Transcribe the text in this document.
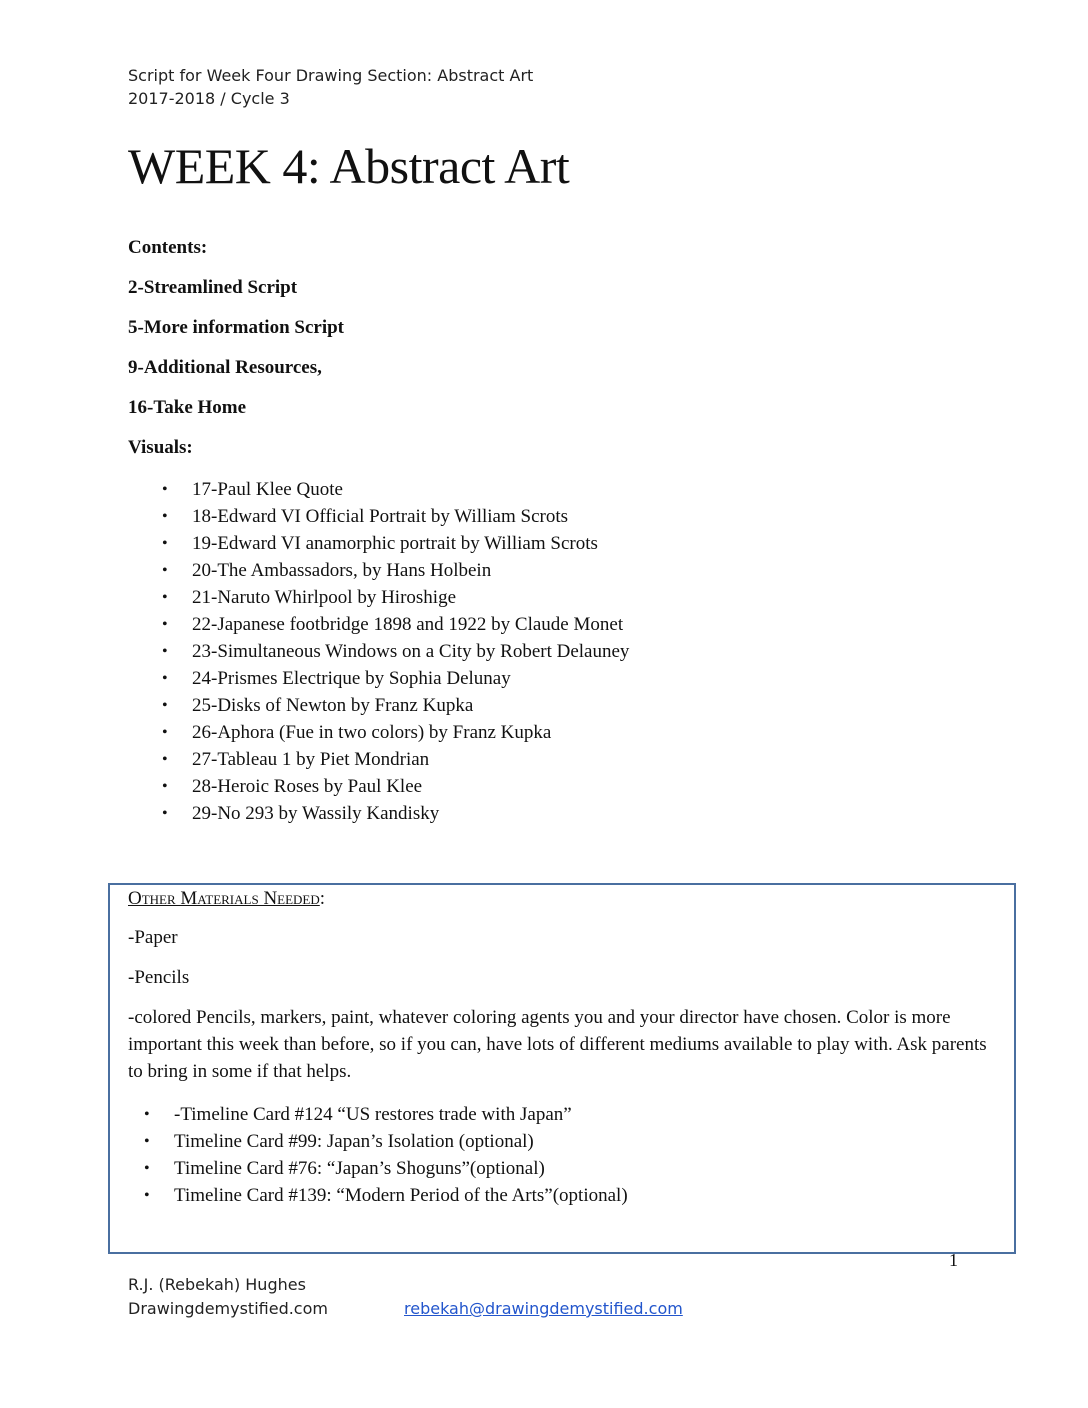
Script for Week Four Drawing Section: Abstract Art
2017-2018 / Cycle 3
WEEK 4: Abstract Art

Contents:

2-Streamlined Script

5-More information Script

9-Additional Resources,

16-Take Home

Visuals:

• 17-Paul Klee Quote
• 18-Edward VI Official Portrait by William Scrots
• 19-Edward VI anamorphic portrait by William Scrots
• 20-The Ambassadors, by Hans Holbein
• 21-Naruto Whirlpool by Hiroshige
• 22-Japanese footbridge 1898 and 1922 by Claude Monet
• 23-Simultaneous Windows on a City by Robert Delauney
• 24-Prismes Electrique by Sophia Delunay
• 25-Disks of Newton by Franz Kupka
• 26-Aphora (Fue in two colors) by Franz Kupka
• 27-Tableau 1 by Piet Mondrian
• 28-Heroic Roses by Paul Klee
• 29-No 293 by Wassily Kandisky

Other Materials Needed:

-Paper

-Pencils

-colored Pencils, markers, paint, whatever coloring agents you and your director have chosen. Color is more important this week than before, so if you can, have lots of different mediums available to play with. Ask parents to bring in some if that helps.

• -Timeline Card #124 “US restores trade with Japan”
• Timeline Card #99: Japan’s Isolation (optional)
• Timeline Card #76: “Japan’s Shoguns”(optional)
• Timeline Card #139: “Modern Period of the Arts”(optional)
1
R.J. (Rebekah) Hughes
Drawingdemystified.com	rebekah@drawingdemystified.com
